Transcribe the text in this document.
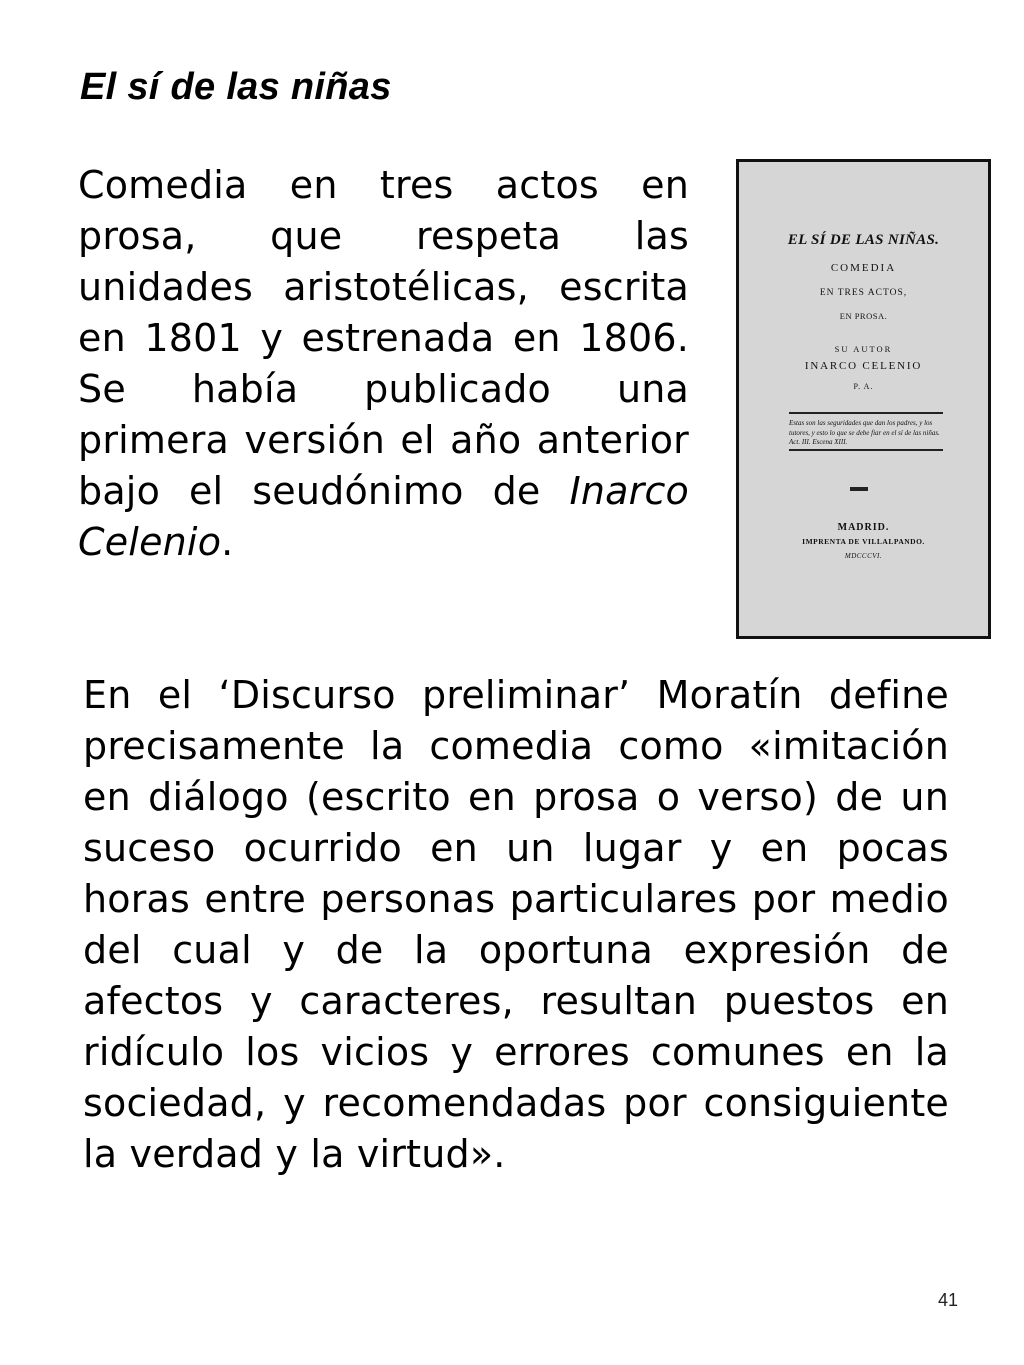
El sí de las niñas
Comedia en tres actos en prosa, que respeta las unidades aristotélicas, escrita en 1801 y estrenada en 1806. Se había publicado una primera versión el año anterior bajo el seudónimo de Inarco Celenio.
EL SÍ DE LAS NIÑAS.
COMEDIA
EN TRES ACTOS,
EN PROSA.
SU AUTOR
INARCO CELENIO
P. A.
Estas son las seguridades que dan los padres, y los tutores, y esto lo que se debe fiar en el sí de las niñas. Act. III. Escena XIII.
MADRID.
IMPRENTA DE VILLALPANDO.
MDCCCVI.
En el ‘Discurso preliminar’ Moratín define precisamente la comedia como «imitación en diálogo (escrito en prosa o verso) de un suceso ocurrido en un lugar y en pocas horas entre personas particulares por medio del cual y de la oportuna expresión de afectos y caracteres, resultan puestos en ridículo los vicios y errores comunes en la sociedad, y recomendadas por consiguiente la verdad y la virtud».
41
